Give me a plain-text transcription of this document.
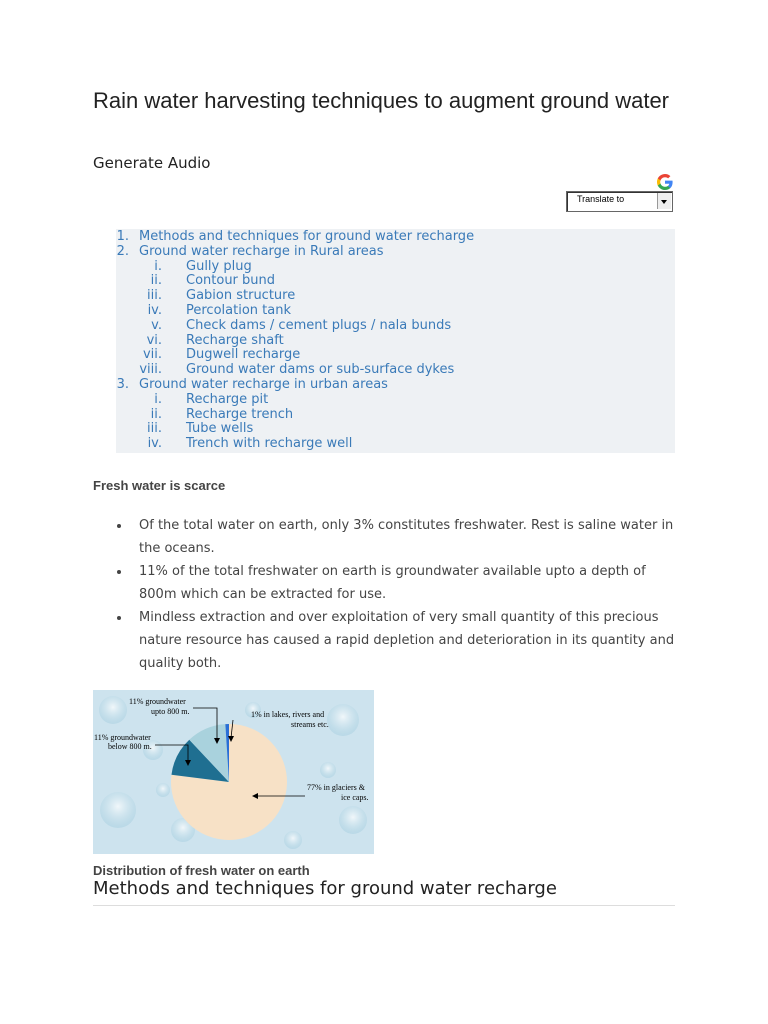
Rain water harvesting techniques to augment ground water
Generate Audio
Translate to
1. Methods and techniques for ground water recharge
2. Ground water recharge in Rural areas
i. Gully plug
ii. Contour bund
iii. Gabion structure
iv. Percolation tank
v. Check dams / cement plugs / nala bunds
vi. Recharge shaft
vii. Dugwell recharge
viii. Ground water dams or sub-surface dykes
3. Ground water recharge in urban areas
i. Recharge pit
ii. Recharge trench
iii. Tube wells
iv. Trench with recharge well
Fresh water is scarce
Of the total water on earth, only 3% constitutes freshwater. Rest is saline water in the oceans.
11% of the total freshwater on earth is groundwater available upto a depth of 800m which can be extracted for use.
Mindless extraction and over exploitation of very small quantity of this precious nature resource has caused a rapid depletion and deterioration in its quantity and quality both.
11% groundwater
upto 800 m.	1% in lakes, rivers and
streams etc.
11% groundwater
below 800 m.
77% in glaciers &
ice caps.
Distribution of fresh water on earth
Methods and techniques for ground water recharge
